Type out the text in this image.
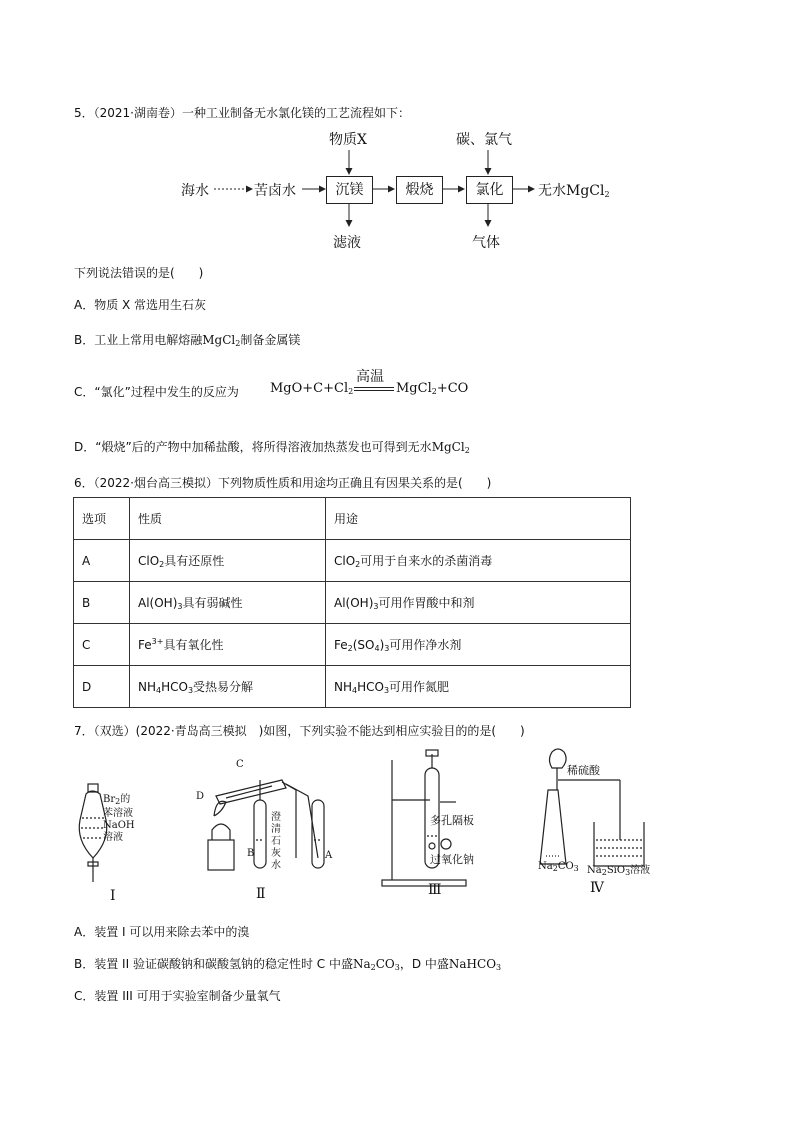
5．（2021·湖南卷）一种工业制备无水氯化镁的工艺流程如下：
海水	苦卤水	沉镁	煅烧	氯化	无水MgCl$_2$
物质X	碳、氯气
滤液	气体
下列说法错误的是(　　)
A．物质 X 常选用生石灰
B．工业上常用电解熔融MgCl$_2$制备金属镁
C．“氯化”过程中发生的反应为 $MgO+C+Cl_2$
高温
MgCl$_2$+CO
D．“煅烧”后的产物中加稀盐酸，将所得溶液加热蒸发也可得到无水MgCl$_2$
6．（2022·烟台高三模拟）下列物质性质和用途均正确且有因果关系的是(　　)
选项	性质	用途
A	ClO$_2$具有还原性	ClO$_2$可用于自来水的杀菌消毒
B	$Al(OH)_3$具有弱碱性	$Al(OH)_3$可用作胃酸中和剂
C	$Fe^{3+}$具有氧化性	$Fe_2(SO_4)_3$可用作净水剂
D	$NH_4HCO_3$受热易分解	$NH_4HCO_3$可用作氮肥
7．（双选）(2022·青岛高三模拟　)如图，下列实验不能达到相应实验目的的是(　　)
$Br_2$的
苯溶液
NaOH
溶液
Ⅰ
C
D
B	A
澄
清
石
灰
水
Ⅱ
多孔隔板
过氧化钠
Ⅲ
稀硫酸
$Na_2CO_3$ $Na_2SiO_3$溶液
Ⅳ
A．装置 I 可以用来除去苯中的溴
B．装置 II 验证碳酸钠和碳酸氢钠的稳定性时 C 中盛$Na_2CO_3$，D 中盛NaHCO$_3$
C．装置 III 可用于实验室制备少量氧气
